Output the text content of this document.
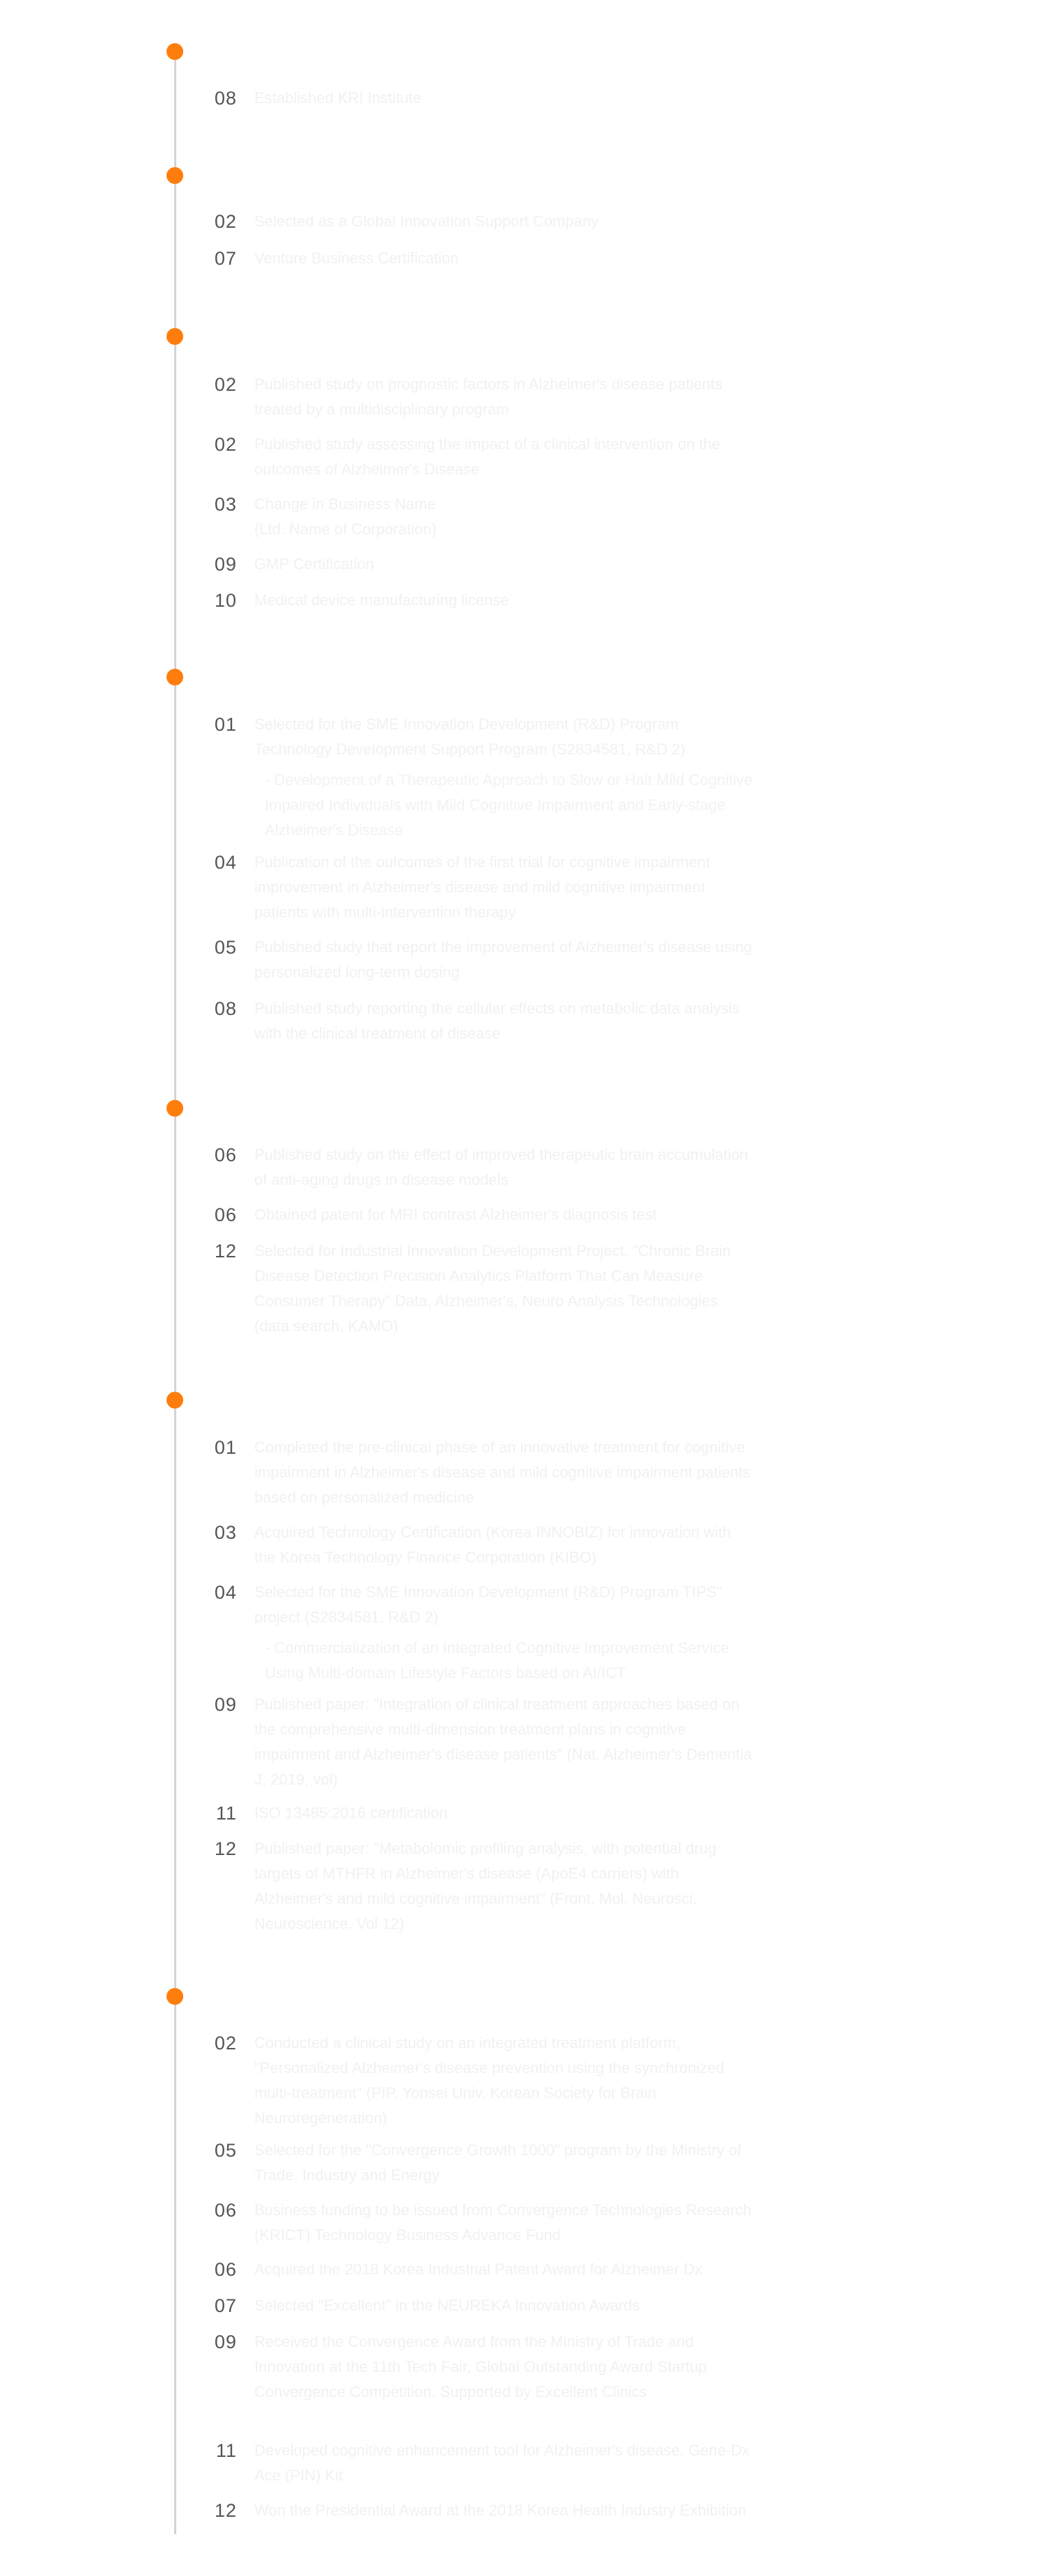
08 Established KRI Institute

02 Selected as a Global Innovation Support Company

07 Venture Business Certification

02 Published study on prognostic factors in Alzheimer's disease patients treated by a multidisciplinary program

02 Published study assessing the impact of a clinical intervention on the outcomes of Alzheimer's Disease

03 Change in Business Name
(Ltd. Name of Corporation)

09 GMP Certification

10 Medical device manufacturing license

01 Selected for the SME Innovation Development (R&D) Program Technology Development Support Program (S2834581, R&D 2)

- Development of a Therapeutic Approach to Slow or Halt Mild Cognitive Impaired Individuals with Mild Cognitive Impairment and Early-stage Alzheimer's Disease

04 Publication of the outcomes of the first trial for cognitive impairment improvement in Alzheimer's disease and mild cognitive impairment patients with multi-intervention therapy

05 Published study that report the improvement of Alzheimer's disease using personalized long-term dosing

08 Published study reporting the cellular effects on metabolic data analysis with the clinical treatment of disease

06 Published study on the effect of improved therapeutic brain accumulation of anti-aging drugs in disease models

06 Obtained patent for MRI contrast Alzheimer's diagnosis test

12 Selected for Industrial Innovation Development Project, "Chronic Brain Disease Detection Precision Analytics Platform That Can Measure Consumer Therapy" Data, Alzheimer's, Neuro Analysis Technologies (data search, KAMO)

01 Completed the pre-clinical phase of an innovative treatment for cognitive impairment in Alzheimer's disease and mild cognitive impairment patients based on personalized medicine

03 Acquired Technology Certification (Korea INNOBIZ) for innovation with the Korea Technology Finance Corporation (KIBO)

04 Selected for the SME Innovation Development (R&D) Program TIPS" project (S2834581, R&D 2)

- Commercialization of an Integrated Cognitive Improvement Service Using Multi-domain Lifestyle Factors based on AI/ICT

09 Published paper: "Integration of clinical treatment approaches based on the comprehensive multi-dimension treatment plans in cognitive impairment and Alzheimer's disease patients" (Nat. Alzheimer's Dementia J, 2019, vol)

11 ISO 13485:2016 certification

12 Published paper: "Metabolomic profiling analysis, with potential drug targets of MTHFR in Alzheimer's disease (ApoE4 carriers) with Alzheimer's and mild cognitive impairment" (Front. Mol. Neurosci. Neuroscience, Vol 12)

02 Conducted a clinical study on an integrated treatment platform, "Personalized Alzheimer's disease prevention using the synchronized multi-treatment" (PIP, Yonsei Univ. Korean Society for Brain Neuroregeneration)

05 Selected for the "Convergence Growth 1000" program by the Ministry of Trade, Industry and Energy

06 Business funding to be issued from Convergence Technologies Research (KRICT) Technology Business Advance Fund

06 Acquired the 2018 Korea Industrial Patent Award for Alzheimer Dx

07 Selected "Excellent" in the NEUREKA Innovation Awards

09 Received the Convergence Award from the Ministry of Trade and Innovation at the 11th Tech Fair, Global Outstanding Award Startup Convergence Competition, Supported by Excellent Clinics

11 Developed cognitive enhancement tool for Alzheimer's disease, Gene-Dx Ace (PIN) Kit

12 Won the Presidential Award at the 2018 Korea Health Industry Exhibition
